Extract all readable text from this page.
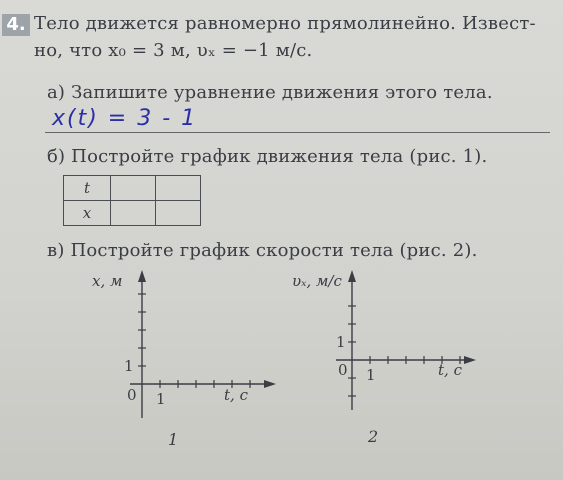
4. Тело движется равномерно прямолинейно. Извест-
но, что x₀ = 3 м, υₓ = −1 м/с.
а) Запишите уравнение движения этого тела.
x(t) = 3 - 1
б) Постройте график движения тела (рис. 1).
t		
x		
в) Постройте график скорости тела (рис. 2).
x, м
t, c
0 1
1
1
υₓ, м/с
t, c
0 1
1
2
